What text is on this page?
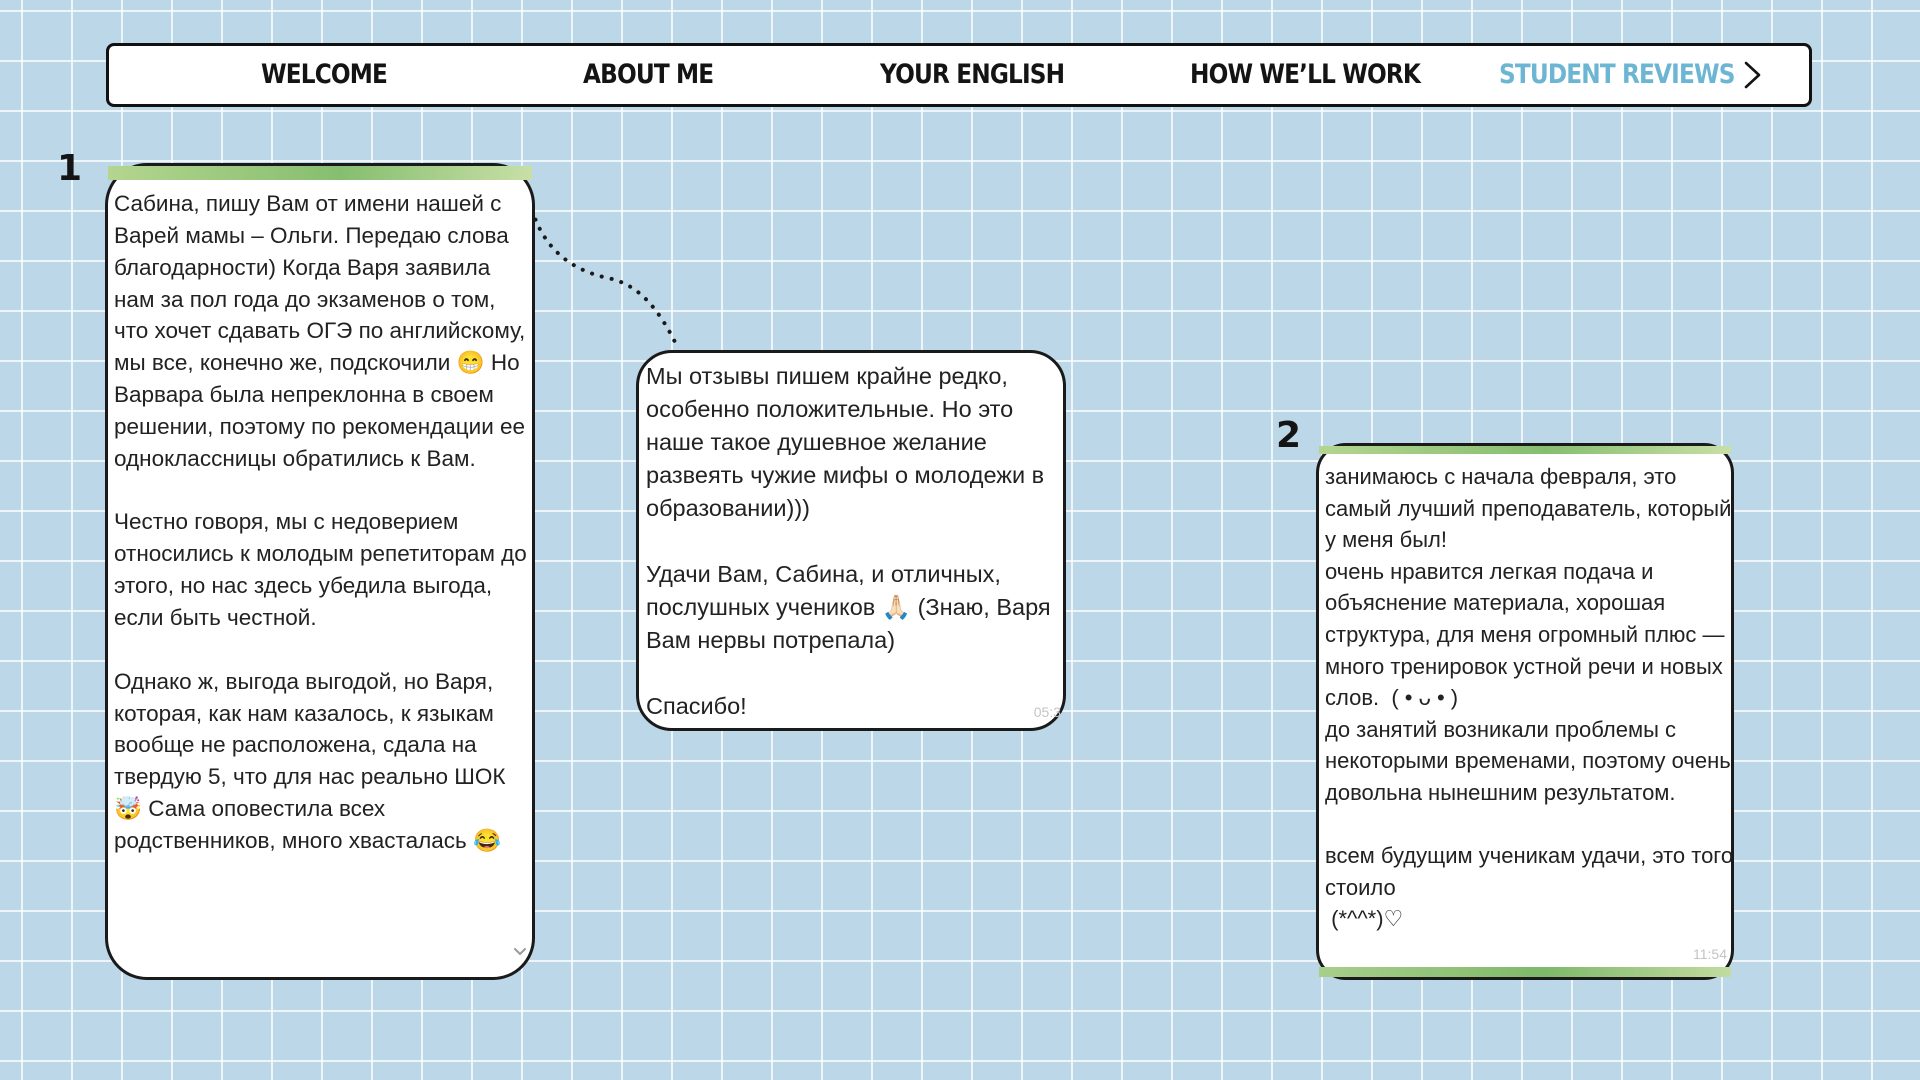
WELCOME	ABOUT ME	YOUR ENGLISH	HOW WE’LL WORK	STUDENT REVIEWS
1
2

Сабина, пишу Вам от имени нашей с Варей мамы – Ольги. Передаю слова благодарности) Когда Варя заявила нам за пол года до экзаменов о том, что хочет сдавать ОГЭ по английскому, мы все, конечно же, подскочили 😁 Но Варвара была непреклонна в своем решении, поэтому по рекомендации ее одноклассницы обратились к Вам.

Честно говоря, мы с недоверием относились к молодым репетиторам до этого, но нас здесь убедила выгода, если быть честной.

Однако ж, выгода выгодой, но Варя, которая, как нам казалось, к языкам вообще не расположена, сдала на твердую 5, что для нас реально ШОК 🤯 Сама оповестила всех родственников, много хвасталась 😂

Мы отзывы пишем крайне редко, особенно положительные. Но это наше такое душевное желание развеять чужие мифы о молодежи в образовании)))

Удачи Вам, Сабина, и отличных, послушных учеников 🙏🏻 (Знаю, Варя Вам нервы потрепала)

Спасибо!	05:3

занимаюсь с начала февраля, это самый лучший преподаватель, который у меня был!
очень нравится легкая подача и объяснение материала, хорошая структура, для меня огромный плюс — много тренировок устной речи и новых слов.  ( • ᴗ • )
до занятий возникали проблемы с некоторыми временами, поэтому очень довольна нынешним результатом.

всем будущим ученикам удачи, это того стоило
(*^^*)♡

11:54
